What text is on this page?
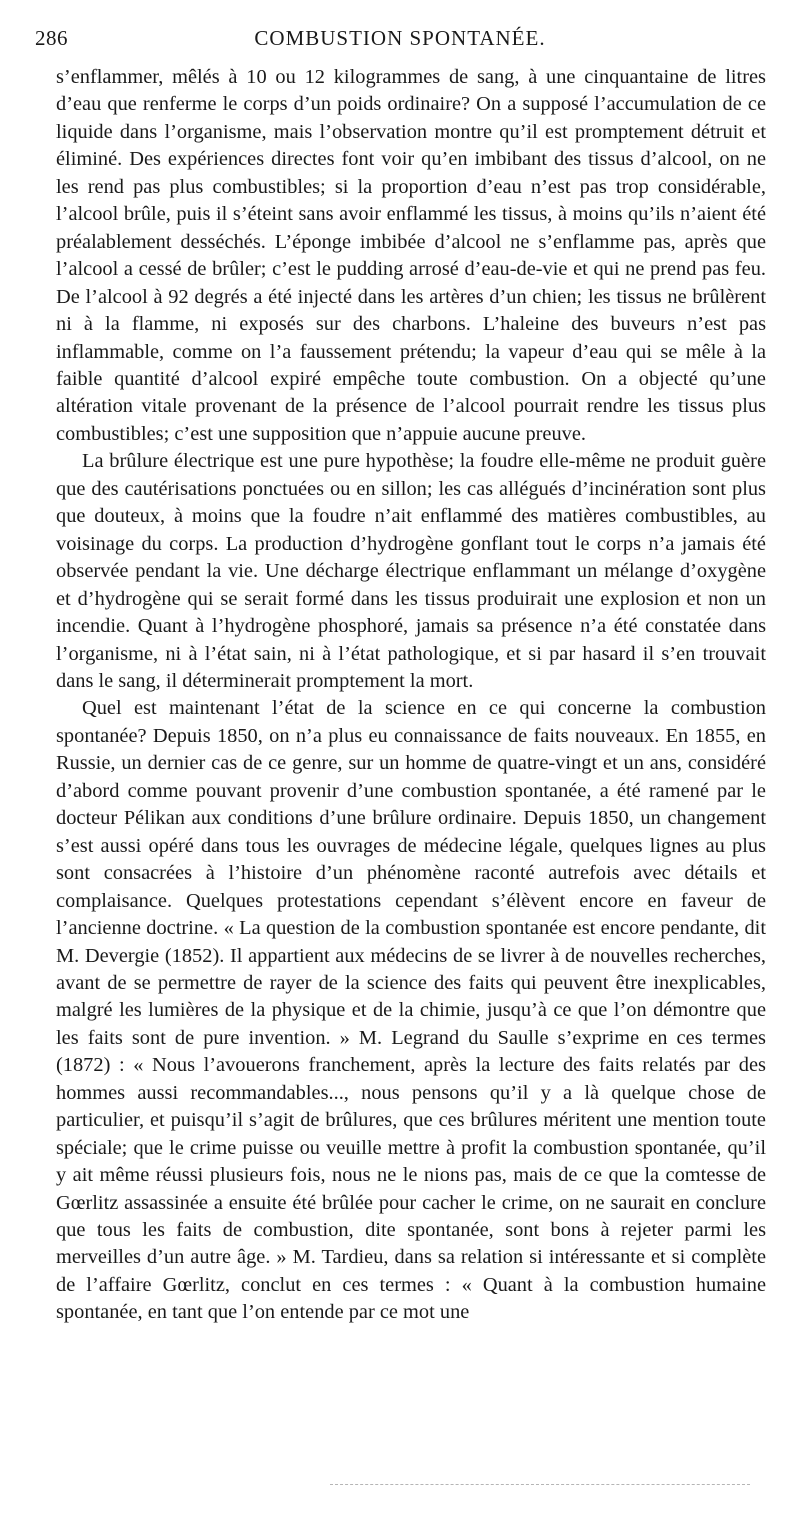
286	COMBUSTION SPONTANÉE.

s’enflammer, mêlés à 10 ou 12 kilogrammes de sang, à une cinquantaine de litres d’eau que renferme le corps d’un poids ordinaire? On a supposé l’accumulation de ce liquide dans l’organisme, mais l’observation montre qu’il est promptement détruit et éliminé. Des expériences directes font voir qu’en imbibant des tissus d’alcool, on ne les rend pas plus combustibles; si la proportion d’eau n’est pas trop considérable, l’alcool brûle, puis il s’éteint sans avoir enflammé les tissus, à moins qu’ils n’aient été préalablement desséchés. L’éponge imbibée d’alcool ne s’enflamme pas, après que l’alcool a cessé de brûler; c’est le pudding arrosé d’eau-de-vie et qui ne prend pas feu. De l’alcool à 92 degrés a été injecté dans les artères d’un chien; les tissus ne brûlèrent ni à la flamme, ni exposés sur des charbons. L’haleine des buveurs n’est pas inflammable, comme on l’a faussement prétendu; la vapeur d’eau qui se mêle à la faible quantité d’alcool expiré empêche toute combustion. On a objecté qu’une altération vitale provenant de la présence de l’alcool pourrait rendre les tissus plus combustibles; c’est une supposition que n’appuie aucune preuve.

La brûlure électrique est une pure hypothèse; la foudre elle-même ne produit guère que des cautérisations ponctuées ou en sillon; les cas allégués d’incinération sont plus que douteux, à moins que la foudre n’ait enflammé des matières combustibles, au voisinage du corps. La production d’hydrogène gonflant tout le corps n’a jamais été observée pendant la vie. Une décharge électrique enflammant un mélange d’oxygène et d’hydrogène qui se serait formé dans les tissus produirait une explosion et non un incendie. Quant à l’hydrogène phosphoré, jamais sa présence n’a été constatée dans l’organisme, ni à l’état sain, ni à l’état pathologique, et si par hasard il s’en trouvait dans le sang, il déterminerait promptement la mort.

Quel est maintenant l’état de la science en ce qui concerne la combustion spontanée? Depuis 1850, on n’a plus eu connaissance de faits nouveaux. En 1855, en Russie, un dernier cas de ce genre, sur un homme de quatre-vingt et un ans, considéré d’abord comme pouvant provenir d’une combustion spontanée, a été ramené par le docteur Pélikan aux conditions d’une brûlure ordinaire. Depuis 1850, un changement s’est aussi opéré dans tous les ouvrages de médecine légale, quelques lignes au plus sont consacrées à l’histoire d’un phénomène raconté autrefois avec détails et complaisance. Quelques protestations cependant s’élèvent encore en faveur de l’ancienne doctrine. « La question de la combustion spontanée est encore pendante, dit M. Devergie (1852). Il appartient aux médecins de se livrer à de nouvelles recherches, avant de se permettre de rayer de la science des faits qui peuvent être inexplicables, malgré les lumières de la physique et de la chimie, jusqu’à ce que l’on démontre que les faits sont de pure invention. » M. Legrand du Saulle s’exprime en ces termes (1872) : « Nous l’avouerons franchement, après la lecture des faits relatés par des hommes aussi recommandables..., nous pensons qu’il y a là quelque chose de particulier, et puisqu’il s’agit de brûlures, que ces brûlures méritent une mention toute spéciale; que le crime puisse ou veuille mettre à profit la combustion spontanée, qu’il y ait même réussi plusieurs fois, nous ne le nions pas, mais de ce que la comtesse de Gœrlitz assassinée a ensuite été brûlée pour cacher le crime, on ne saurait en conclure que tous les faits de combustion, dite spontanée, sont bons à rejeter parmi les merveilles d’un autre âge. » M. Tardieu, dans sa relation si intéressante et si complète de l’affaire Gœrlitz, conclut en ces termes : « Quant à la combustion humaine spontanée, en tant que l’on entende par ce mot une
